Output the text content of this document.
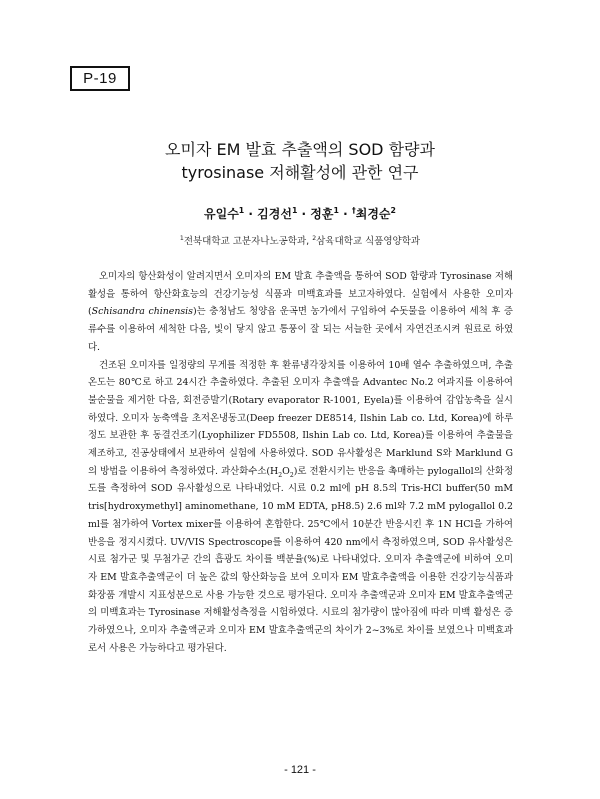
P-19
오미자 EM 발효 추출액의 SOD 함량과
tyrosinase 저해활성에 관한 연구
유일수$^1$ · 김경선$^1$ · 정훈$^1$ · †최경순$^2$
$^1$전북대학교 고분자나노공학과, $^2$삼육대학교 식품영양학과

오미자의 항산화성이 알려지면서 오미자의 EM 발효 추출액을 통하여 SOD 함량과 Tyrosinase 저해활성을 통하여 항산화효능의 건강기능성 식품과 미백효과를 보고자하였다. 실험에서 사용한 오미자(Schisandra chinensis)는 충청남도 청양읍 운곡면 농가에서 구입하여 수돗물을 이용하여 세척 후 증류수를 이용하여 세척한 다음, 빛이 닿지 않고 통풍이 잘 되는 서늘한 곳에서 자연건조시켜 원료로 하였다.

건조된 오미자를 일정량의 무게를 적정한 후 환류냉각장치를 이용하여 10배 열수 추출하였으며, 추출온도는 80℃로 하고 24시간 추출하였다. 추출된 오미자 추출액을 Advantec No.2 여과지를 이용하여 불순물을 제거한 다음, 회전증발기(Rotary evaporator R-1001, Eyela)를 이용하여 감압농축을 실시하였다. 오미자 농축액을 초저온냉동고(Deep freezer DE8514, Ilshin Lab co. Ltd, Korea)에 하루 정도 보관한 후 동결건조기(Lyophilizer FD5508, Ilshin Lab co. Ltd, Korea)를 이용하여 추출물을 제조하고, 진공상태에서 보관하여 실험에 사용하였다. SOD 유사활성은 Marklund S와 Marklund G의 방법을 이용하여 측정하였다. 과산화수소$(H_2O_2)$로 전환시키는 반응을 촉매하는 pylogallol의 산화정도를 측정하여 SOD 유사활성으로 나타내었다. 시료 0.2 ml에 pH 8.5의 Tris-HCl buffer(50 mM tris[hydroxymethyl] aminomethane, 10 mM EDTA, pH8.5) 2.6 ml와 7.2 mM pylogallol 0.2 ml를 첨가하여 Vortex mixer를 이용하여 혼합한다. 25℃에서 10분간 반응시킨 후 1N HCl을 가하여 반응을 정지시켰다. UV/VIS Spectroscope를 이용하여 420 nm에서 측정하였으며, SOD 유사활성은 시료 첨가군 및 무첨가군 간의 흡광도 차이를 백분율(%)로 나타내었다. 오미자 추출액군에 비하여 오미자 EM 발효추출액군이 더 높은 값의 항산화능을 보여 오미자 EM 발효추출액을 이용한 건강기능식품과 화장품 개발시 지표성분으로 사용 가능한 것으로 평가된다. 오미자 추출액군과 오미자 EM 발효추출액군의 미백효과는 Tyrosinase 저해활성측정을 시험하였다. 시료의 첨가량이 많아짐에 따라 미백 활성은 증가하였으나, 오미자 추출액군과 오미자 EM 발효추출액군의 차이가 2~3%로 차이를 보였으나 미백효과로서 사용은 가능하다고 평가된다.

- 121 -
